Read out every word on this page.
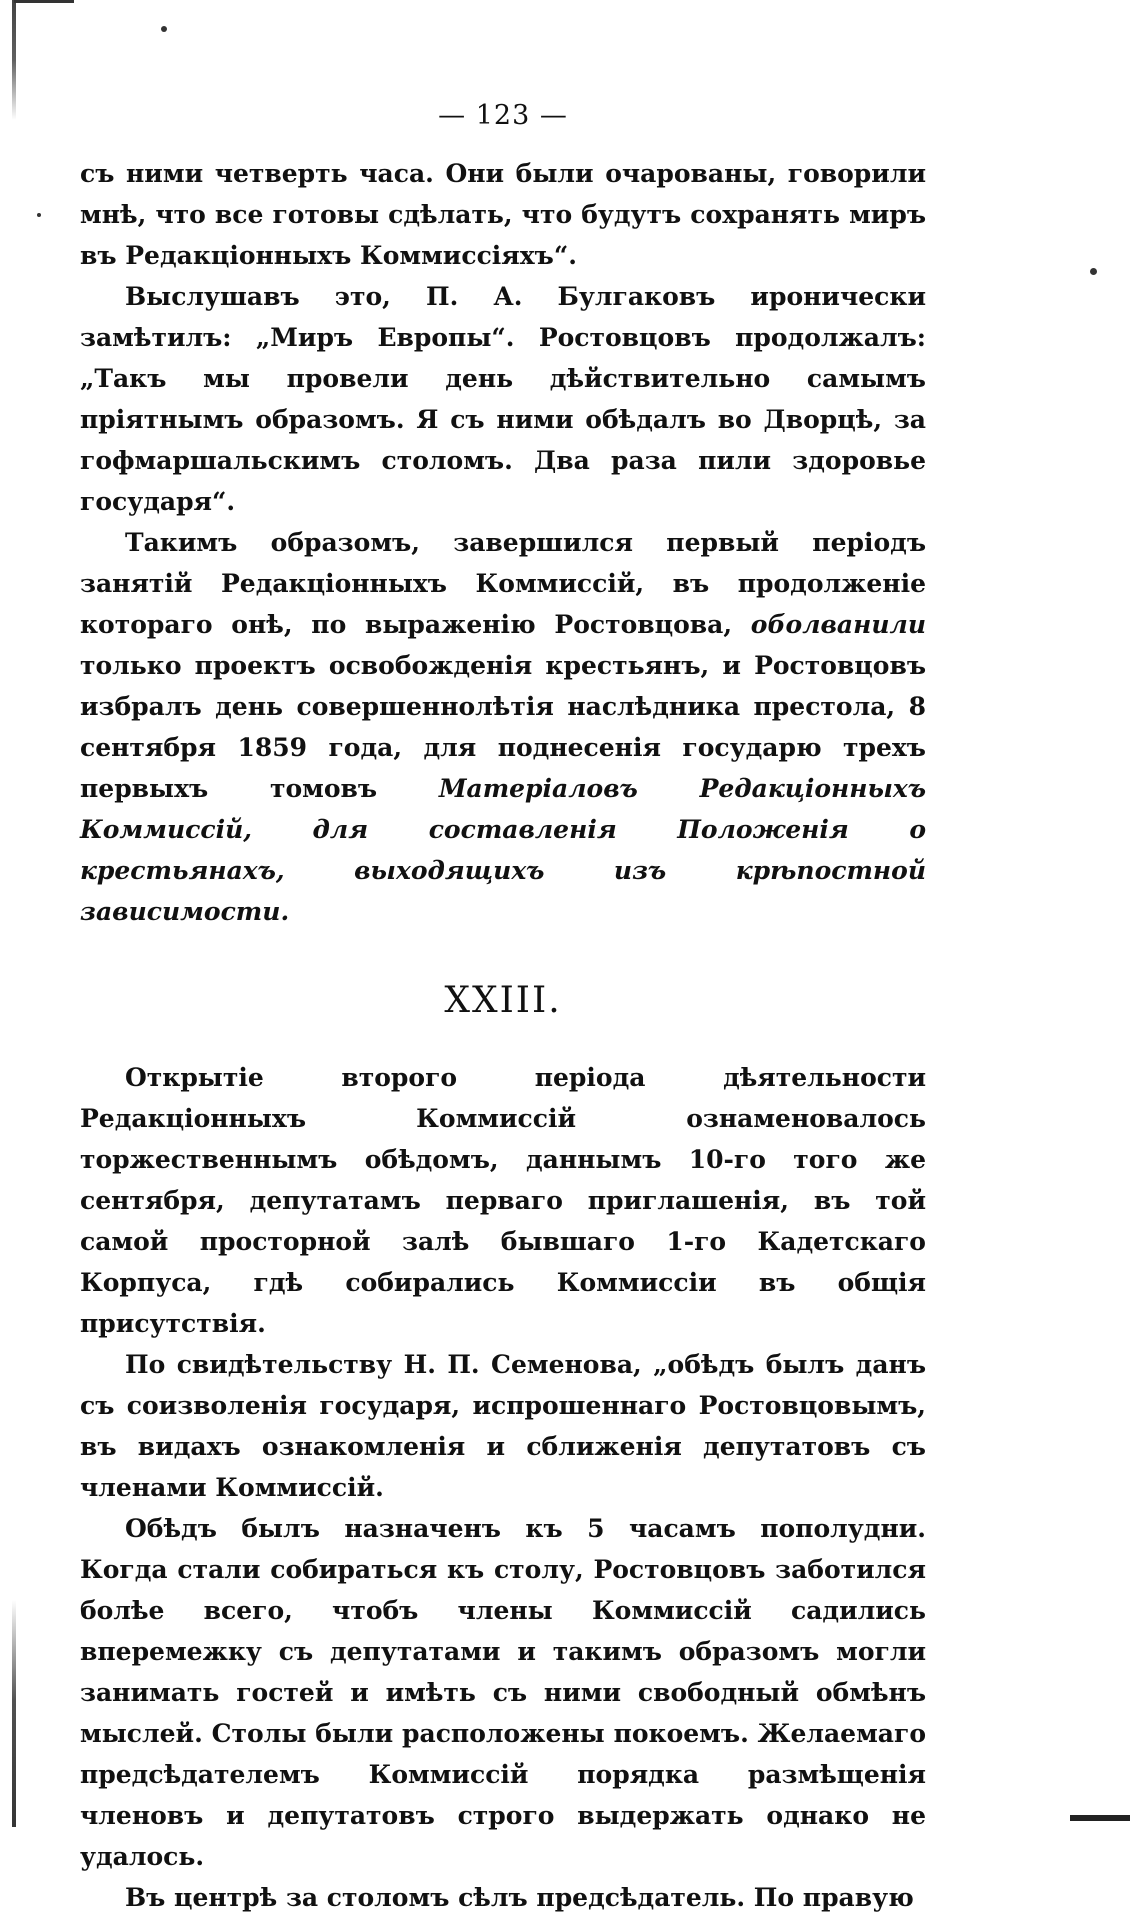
— 123 —

съ ними четверть часа. Они были очарованы, говорили мнѣ, что все готовы сдѣлать, что будутъ сохранять миръ въ Редакціонныхъ Коммиссіяхъ“.

Выслушавъ это, П. А. Булгаковъ иронически замѣтилъ: „Миръ Европы“. Ростовцовъ продолжалъ: „Такъ мы провели день дѣйствительно самымъ пріятнымъ образомъ. Я съ ними обѣдалъ во Дворцѣ, за гофмаршальскимъ столомъ. Два раза пили здоровье государя“.

Такимъ образомъ, завершился первый періодъ занятій Редакціонныхъ Коммиссій, въ продолженіе котораго онѣ, по выраженію Ростовцова, оболванили только проектъ освобожденія крестьянъ, и Ростовцовъ избралъ день совершеннолѣтія наслѣдника престола, 8 сентября 1859 года, для поднесенія государю трехъ первыхъ томовъ Матеріаловъ Редакціонныхъ Коммиссій, для составленія Положенія о крестьянахъ, выходящихъ изъ крѣпостной зависимости.

XXIII.

Открытіе второго періода дѣятельности Редакціонныхъ Коммиссій ознаменовалось торжественнымъ обѣдомъ, даннымъ 10-го того же сентября, депутатамъ перваго приглашенія, въ той самой просторной залѣ бывшаго 1-го Кадетскаго Корпуса, гдѣ собирались Коммиссіи въ общія присутствія.

По свидѣтельству Н. П. Семенова, „обѣдъ былъ данъ съ соизволенія государя, испрошеннаго Ростовцовымъ, въ видахъ ознакомленія и сближенія депутатовъ съ членами Коммиссій.

Обѣдъ былъ назначенъ къ 5 часамъ пополудни. Когда стали собираться къ столу, Ростовцовъ заботился болѣе всего, чтобъ члены Коммиссій садились вперемежку съ депутатами и такимъ образомъ могли занимать гостей и имѣть съ ними свободный обмѣнъ мыслей. Столы были расположены покоемъ. Желаемаго предсѣдателемъ Коммиссій порядка размѣщенія членовъ и депутатовъ строго выдержать однако не удалось.

Въ центрѣ за столомъ сѣлъ предсѣдатель. По правую
